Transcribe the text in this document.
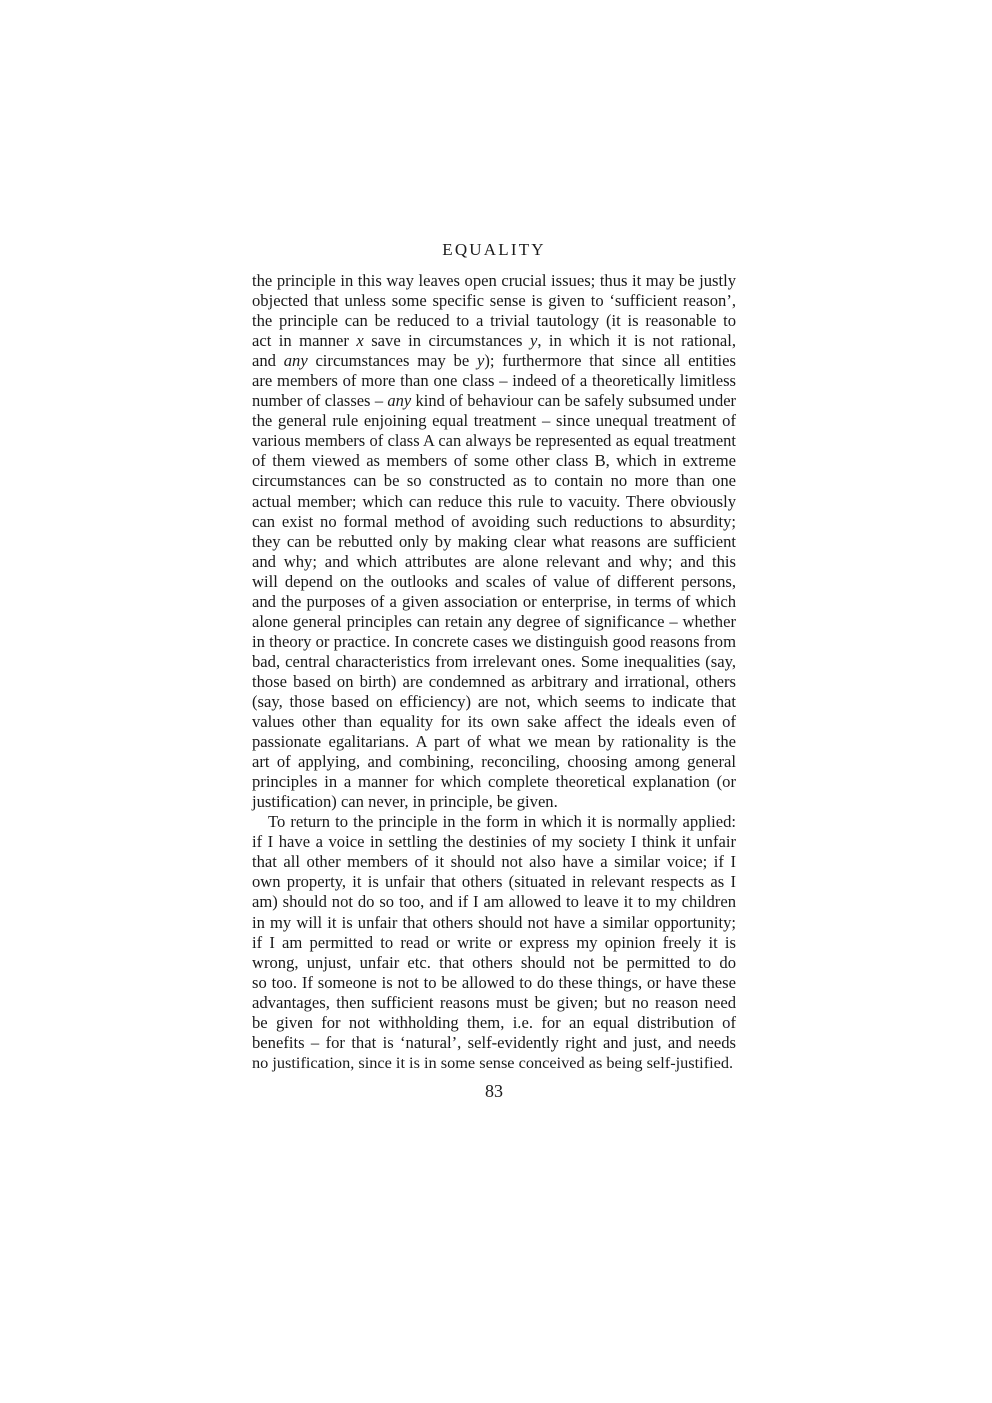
EQUALITY

the principle in this way leaves open crucial issues; thus it may be justly
objected that unless some specific sense is given to ‘sufficient reason’,
the principle can be reduced to a trivial tautology (it is reasonable to
act in manner x save in circumstances y, in which it is not rational,
and any circumstances may be y); furthermore that since all entities
are members of more than one class – indeed of a theoretically limitless
number of classes – any kind of behaviour can be safely subsumed under
the general rule enjoining equal treatment – since unequal treatment of
various members of class A can always be represented as equal treatment
of them viewed as members of some other class B, which in extreme
circumstances can be so constructed as to contain no more than one
actual member; which can reduce this rule to vacuity. There obviously
can exist no formal method of avoiding such reductions to absurdity;
they can be rebutted only by making clear what reasons are sufficient
and why; and which attributes are alone relevant and why; and this
will depend on the outlooks and scales of value of different persons,
and the purposes of a given association or enterprise, in terms of which
alone general principles can retain any degree of significance – whether
in theory or practice. In concrete cases we distinguish good reasons from
bad, central characteristics from irrelevant ones. Some inequalities (say,
those based on birth) are condemned as arbitrary and irrational, others
(say, those based on efficiency) are not, which seems to indicate that
values other than equality for its own sake affect the ideals even of
passionate egalitarians. A part of what we mean by rationality is the
art of applying, and combining, reconciling, choosing among general
principles in a manner for which complete theoretical explanation (or
justification) can never, in principle, be given.

To return to the principle in the form in which it is normally applied:
if I have a voice in settling the destinies of my society I think it unfair
that all other members of it should not also have a similar voice; if I
own property, it is unfair that others (situated in relevant respects as I
am) should not do so too, and if I am allowed to leave it to my children
in my will it is unfair that others should not have a similar opportunity;
if I am permitted to read or write or express my opinion freely it is
wrong, unjust, unfair etc. that others should not be permitted to do
so too. If someone is not to be allowed to do these things, or have these
advantages, then sufficient reasons must be given; but no reason need
be given for not withholding them, i.e. for an equal distribution of
benefits – for that is ‘natural’, self-evidently right and just, and needs
no justification, since it is in some sense conceived as being self-justified.

83
